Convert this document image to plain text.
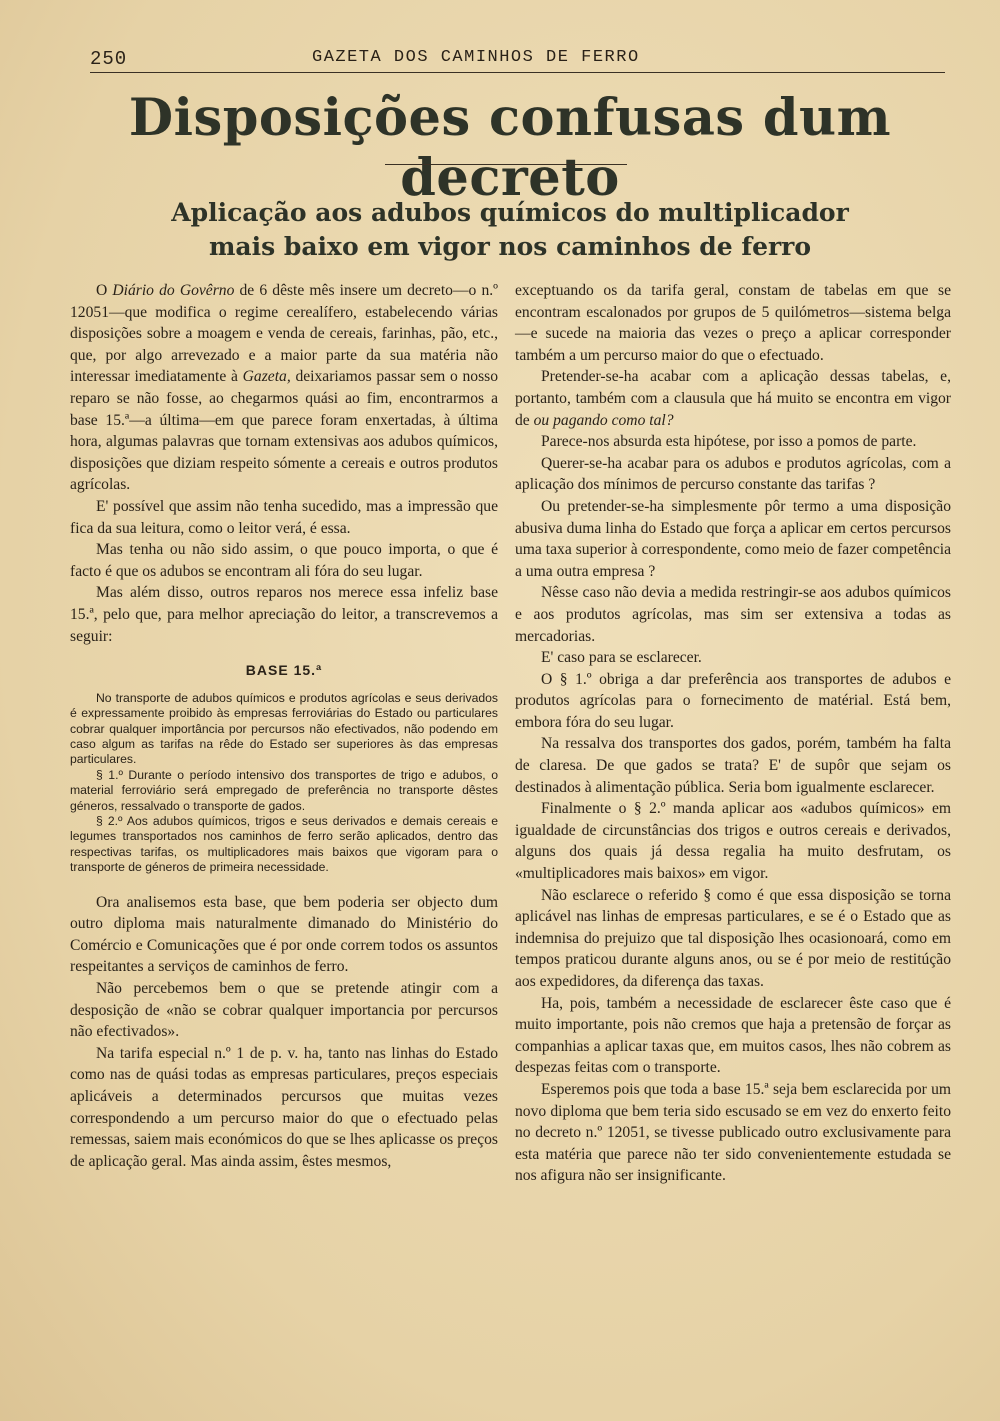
250	GAZETA DOS CAMINHOS DE FERRO
Disposições confusas dum decreto
Aplicação aos adubos químicos do multiplicador
mais baixo em vigor nos caminhos de ferro

O Diário do Govêrno de 6 dêste mês insere um decreto—o n.º 12051—que modifica o regime cerealífero, estabelecendo várias disposições sobre a moagem e venda de cereais, farinhas, pão, etc., que, por algo arrevezado e a maior parte da sua matéria não interessar imediatamente à Gazeta, deixariamos passar sem o nosso reparo se não fosse, ao chegarmos quási ao fim, encontrarmos a base 15.ª—a última—em que parece foram enxertadas, à última hora, algumas palavras que tornam extensivas aos adubos químicos, disposições que diziam respeito sómente a cereais e outros produtos agrícolas.

E' possível que assim não tenha sucedido, mas a impressão que fica da sua leitura, como o leitor verá, é essa.

Mas tenha ou não sido assim, o que pouco importa, o que é facto é que os adubos se encontram ali fóra do seu lugar.

Mas além disso, outros reparos nos merece essa infeliz base 15.ª, pelo que, para melhor apreciação do leitor, a transcrevemos a seguir:

BASE 15.ª

No transporte de adubos químicos e produtos agrícolas e seus derivados é expressamente proibido às empresas ferroviárias do Estado ou particulares cobrar qualquer importância por percursos não efectivados, não podendo em caso algum as tarifas na rêde do Estado ser superiores às das empresas particulares.

§ 1.º Durante o período intensivo dos transportes de trigo e adubos, o material ferroviário será empregado de preferência no transporte dêstes géneros, ressalvado o transporte de gados.

§ 2.º Aos adubos químicos, trigos e seus derivados e demais cereais e legumes transportados nos caminhos de ferro serão aplicados, dentro das respectivas tarifas, os multiplicadores mais baixos que vigoram para o transporte de géneros de primeira necessidade.

Ora analisemos esta base, que bem poderia ser objecto dum outro diploma mais naturalmente dimanado do Ministério do Comércio e Comunicações que é por onde correm todos os assuntos respeitantes a serviços de caminhos de ferro.

Não percebemos bem o que se pretende atingir com a desposição de «não se cobrar qualquer importancia por percursos não efectivados».

Na tarifa especial n.º 1 de p. v. ha, tanto nas linhas do Estado como nas de quási todas as empresas particulares, preços especiais aplicáveis a determinados percursos que muitas vezes correspondendo a um percurso maior do que o efectuado pelas remessas, saiem mais económicos do que se lhes aplicasse os preços de aplicação geral. Mas ainda assim, êstes mesmos,

exceptuando os da tarifa geral, constam de tabelas em que se encontram escalonados por grupos de 5 quilómetros—sistema belga—e sucede na maioria das vezes o preço a aplicar corresponder também a um percurso maior do que o efectuado.

Pretender-se-ha acabar com a aplicação dessas tabelas, e, portanto, também com a clausula que há muito se encontra em vigor de ou pagando como tal?

Parece-nos absurda esta hipótese, por isso a pomos de parte.

Querer-se-ha acabar para os adubos e produtos agrícolas, com a aplicação dos mínimos de percurso constante das tarifas ?

Ou pretender-se-ha simplesmente pôr termo a uma disposição abusiva duma linha do Estado que força a aplicar em certos percursos uma taxa superior à correspondente, como meio de fazer competência a uma outra empresa ?

Nêsse caso não devia a medida restringir-se aos adubos químicos e aos produtos agrícolas, mas sim ser extensiva a todas as mercadorias.

E' caso para se esclarecer.

O § 1.º obriga a dar preferência aos transportes de adubos e produtos agrícolas para o fornecimento de matérial. Está bem, embora fóra do seu lugar.

Na ressalva dos transportes dos gados, porém, também ha falta de claresa. De que gados se trata? E' de supôr que sejam os destinados à alimentação pública. Seria bom igualmente esclarecer.

Finalmente o § 2.º manda aplicar aos «adubos químicos» em igualdade de circunstâncias dos trigos e outros cereais e derivados, alguns dos quais já dessa regalia ha muito desfrutam, os «multiplicadores mais baixos» em vigor.

Não esclarece o referido § como é que essa disposição se torna aplicável nas linhas de empresas particulares, e se é o Estado que as indemnisa do prejuizo que tal disposição lhes ocasionoará, como em tempos praticou durante alguns anos, ou se é por meio de restitúção aos expedidores, da diferença das taxas.

Ha, pois, também a necessidade de esclarecer êste caso que é muito importante, pois não cremos que haja a pretensão de forçar as companhias a aplicar taxas que, em muitos casos, lhes não cobrem as despezas feitas com o transporte.

Esperemos pois que toda a base 15.ª seja bem esclarecida por um novo diploma que bem teria sido escusado se em vez do enxerto feito no decreto n.º 12051, se tivesse publicado outro exclusivamente para esta matéria que parece não ter sido convenientemente estudada se nos afigura não ser insignificante.
